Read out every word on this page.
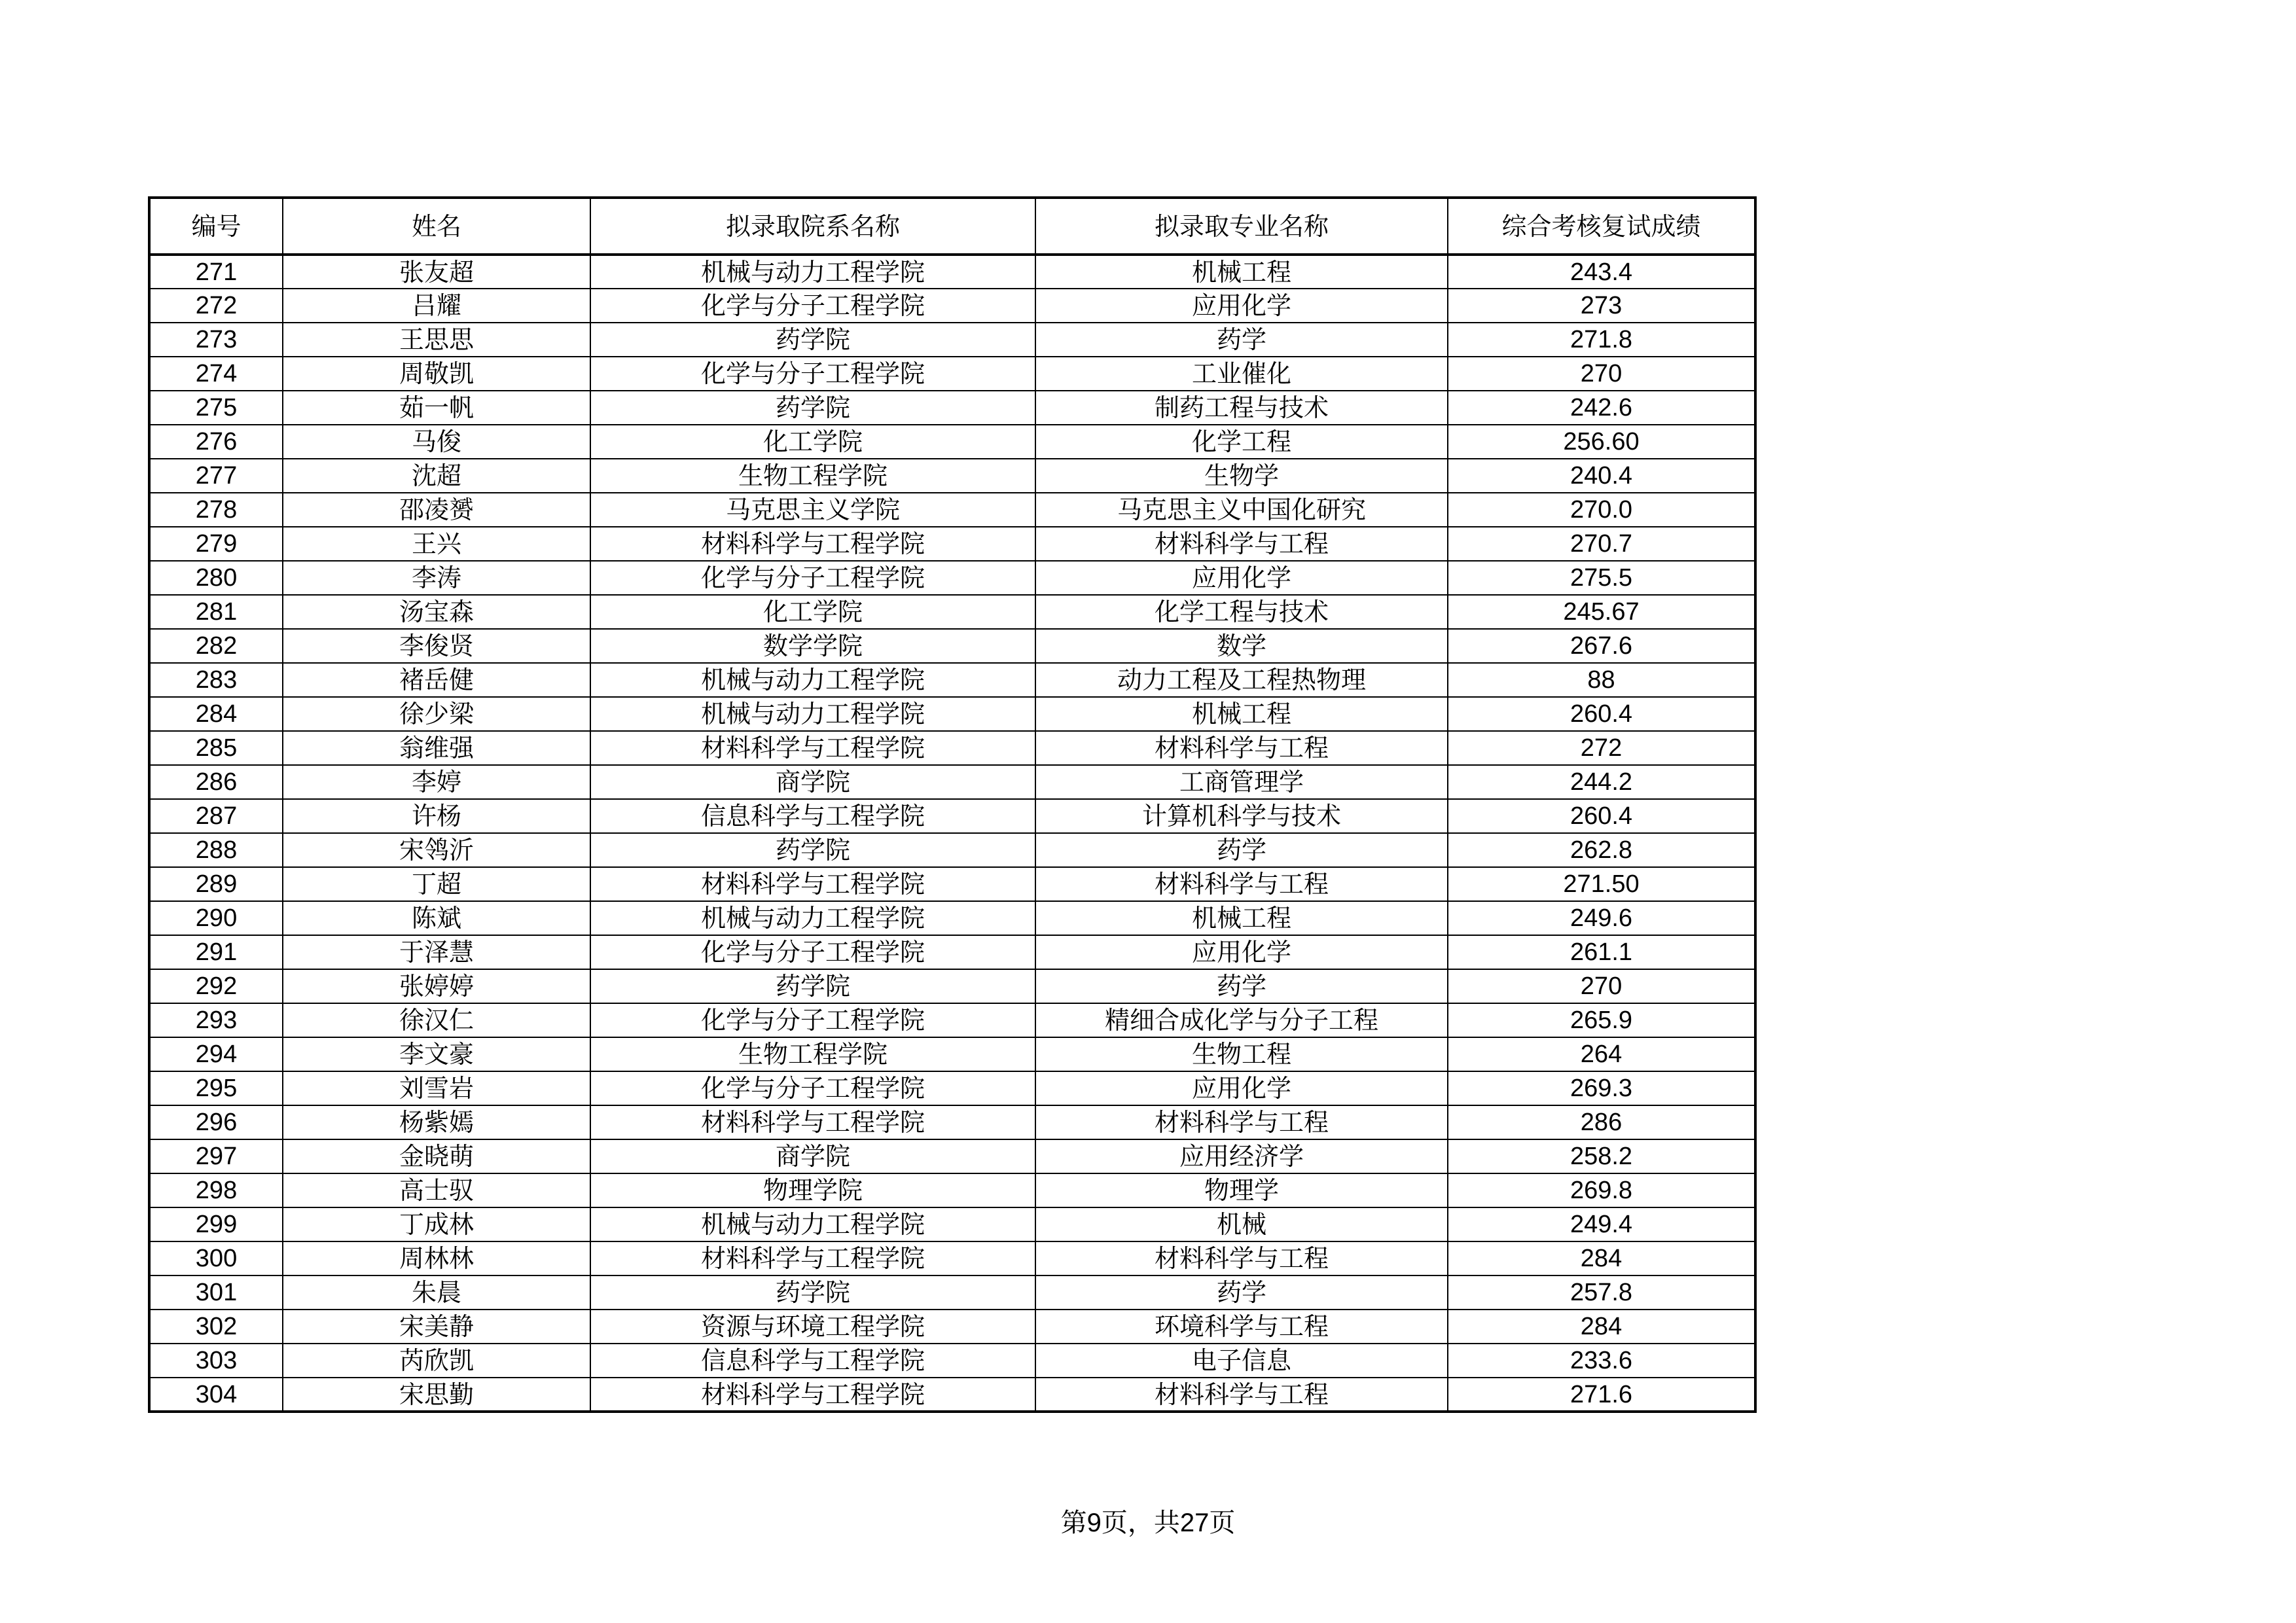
编号	姓名	拟录取院系名称	拟录取专业名称	综合考核复试成绩
271	张友超	机械与动力工程学院	机械工程	243.4
272	吕耀	化学与分子工程学院	应用化学	273
273	王思思	药学院	药学	271.8
274	周敬凯	化学与分子工程学院	工业催化	270
275	茹一帆	药学院	制药工程与技术	242.6
276	马俊	化工学院	化学工程	256.60
277	沈超	生物工程学院	生物学	240.4
278	邵凌赟	马克思主义学院	马克思主义中国化研究	270.0
279	王兴	材料科学与工程学院	材料科学与工程	270.7
280	李涛	化学与分子工程学院	应用化学	275.5
281	汤宝森	化工学院	化学工程与技术	245.67
282	李俊贤	数学学院	数学	267.6
283	褚岳健	机械与动力工程学院	动力工程及工程热物理	88
284	徐少梁	机械与动力工程学院	机械工程	260.4
285	翁维强	材料科学与工程学院	材料科学与工程	272
286	李婷	商学院	工商管理学	244.2
287	许杨	信息科学与工程学院	计算机科学与技术	260.4
288	宋鸰沂	药学院	药学	262.8
289	丁超	材料科学与工程学院	材料科学与工程	271.50
290	陈斌	机械与动力工程学院	机械工程	249.6
291	于泽慧	化学与分子工程学院	应用化学	261.1
292	张婷婷	药学院	药学	270
293	徐汉仁	化学与分子工程学院	精细合成化学与分子工程	265.9
294	李文豪	生物工程学院	生物工程	264
295	刘雪岩	化学与分子工程学院	应用化学	269.3
296	杨紫嫣	材料科学与工程学院	材料科学与工程	286
297	金晓萌	商学院	应用经济学	258.2
298	高士驭	物理学院	物理学	269.8
299	丁成林	机械与动力工程学院	机械	249.4
300	周林林	材料科学与工程学院	材料科学与工程	284
301	朱晨	药学院	药学	257.8
302	宋美静	资源与环境工程学院	环境科学与工程	284
303	芮欣凯	信息科学与工程学院	电子信息	233.6
304	宋思勤	材料科学与工程学院	材料科学与工程	271.6
第9页，共27页
